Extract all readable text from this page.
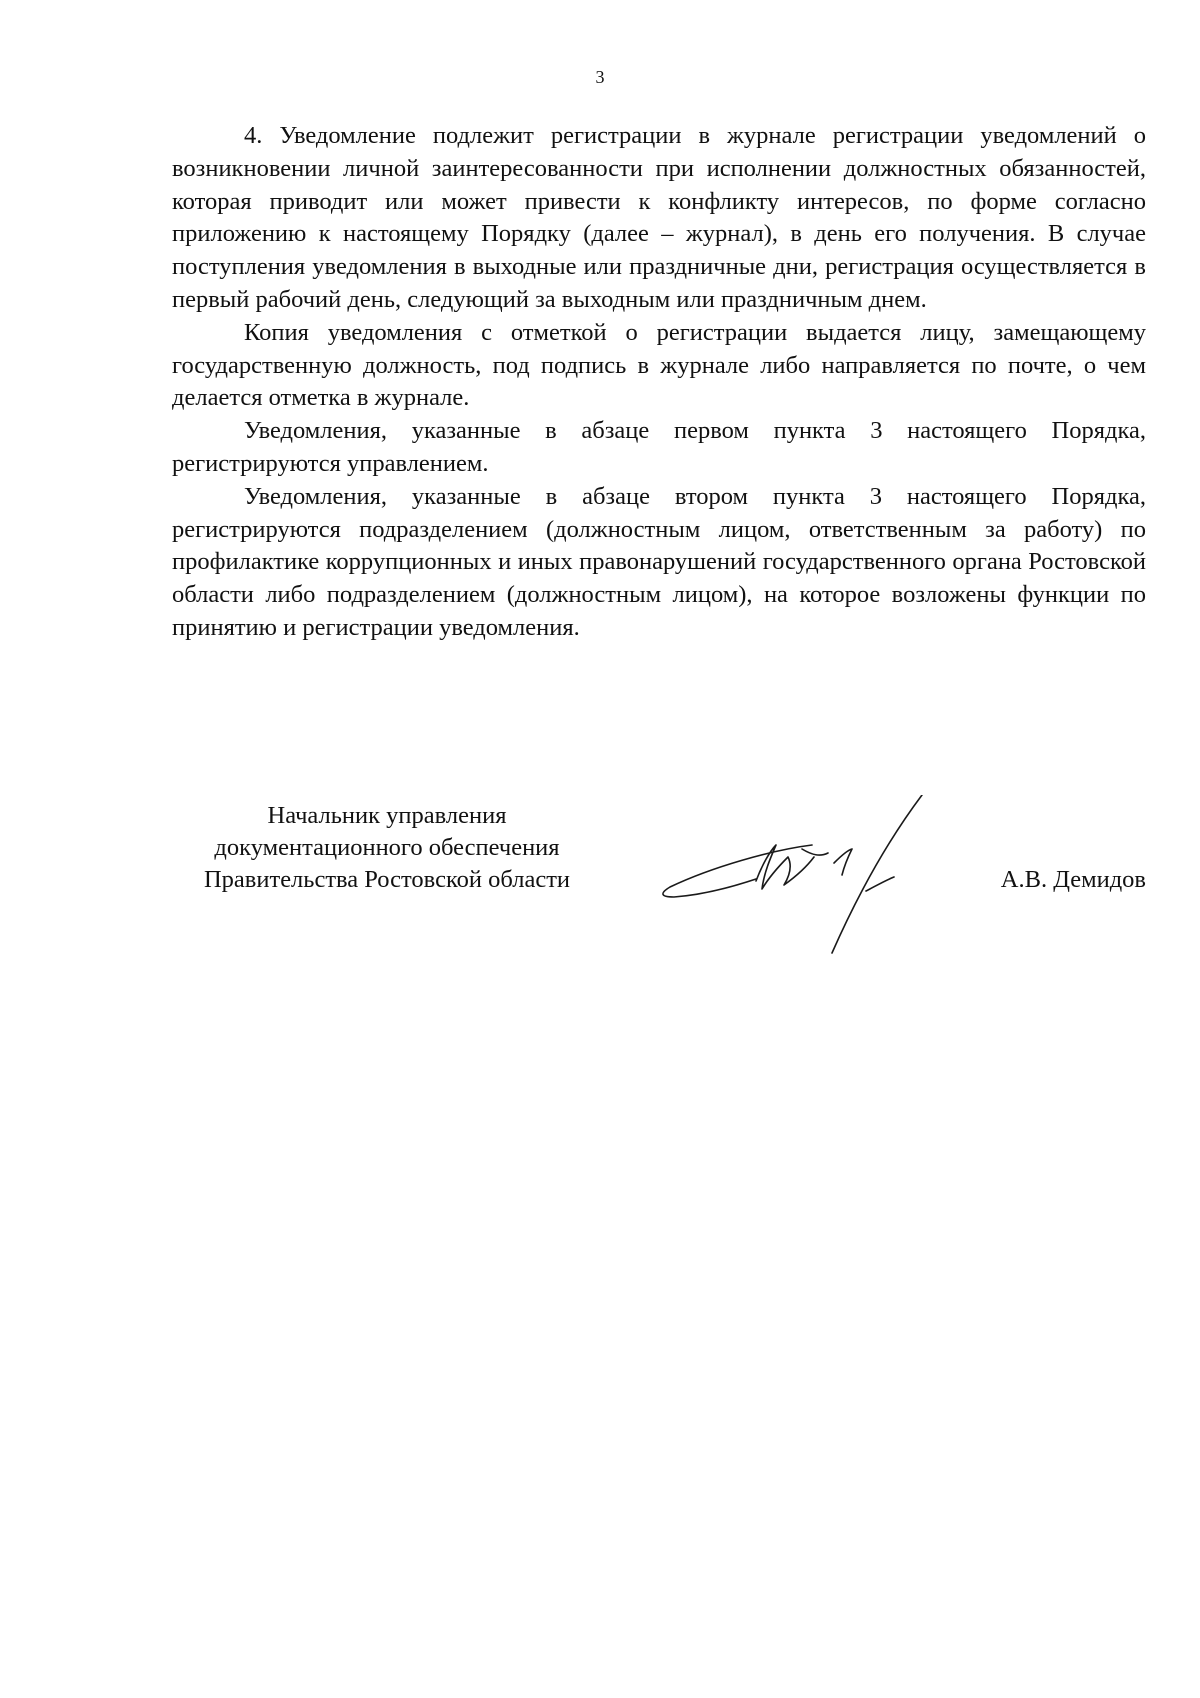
3

4. Уведомление подлежит регистрации в журнале регистрации уведомлений о возникновении личной заинтересованности при исполнении должностных обязанностей, которая приводит или может привести к конфликту интересов, по форме согласно приложению к настоящему Порядку (далее – журнал), в день его получения. В случае поступления уведомления в выходные или праздничные дни, регистрация осуществляется в первый рабочий день, следующий за выходным или праздничным днем.

Копия уведомления с отметкой о регистрации выдается лицу, замещающему государственную должность, под подпись в журнале либо направляется по почте, о чем делается отметка в журнале.

Уведомления, указанные в абзаце первом пункта 3 настоящего Порядка, регистрируются управлением.

Уведомления, указанные в абзаце втором пункта 3 настоящего Порядка, регистрируются подразделением (должностным лицом, ответственным за работу) по профилактике коррупционных и иных правонарушений государственного органа Ростовской области либо подразделением (должностным лицом), на которое возложены функции по принятию и регистрации уведомления.

Начальник управления
документационного обеспечения
Правительства Ростовской области	А.В. Демидов
